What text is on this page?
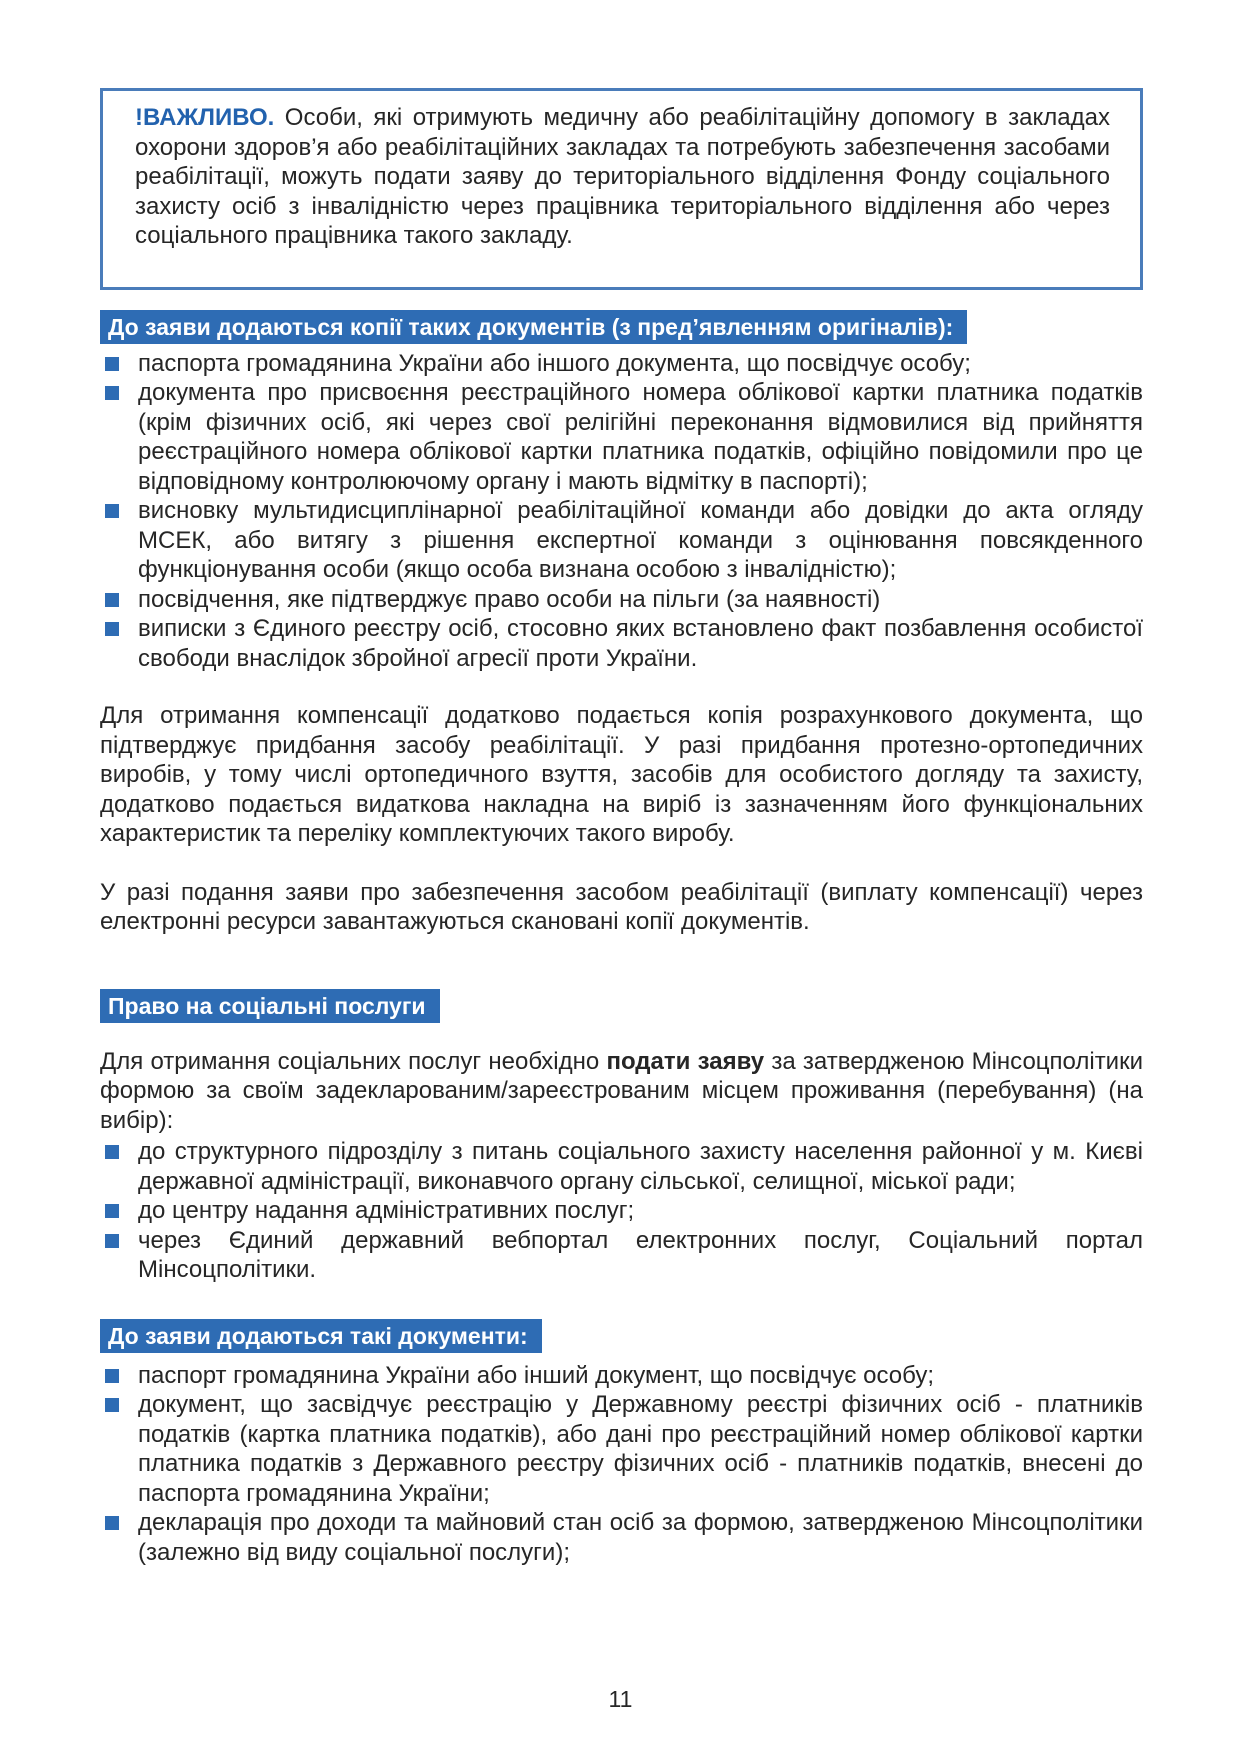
!ВАЖЛИВО. Особи, які отримують медичну або реабілітаційну допомогу в закладах охорони здоров’я або реабілітаційних закладах та потребують забезпечення засобами реабілітації, можуть подати заяву до територіального відділення Фонду соціального захисту осіб з інвалідністю через працівника територіального відділення або через соціального працівника такого закладу.

До заяви додаються копії таких документів (з пред’явленням оригіналів):
паспорта громадянина України або іншого документа, що посвідчує особу;
документа про присвоєння реєстраційного номера облікової картки платника податків (крім фізичних осіб, які через свої релігійні переконання відмовилися від прийняття реєстраційного номера облікової картки платника податків, офіційно повідомили про це відповідному контролюючому органу і мають відмітку в паспорті);
висновку мультидисциплінарної реабілітаційної команди або довідки до акта огляду МСЕК, або витягу з рішення експертної команди з оцінювання повсякденного функціонування особи (якщо особа визнана особою з інвалідністю);
посвідчення, яке підтверджує право особи на пільги (за наявності)
виписки з Єдиного реєстру осіб, стосовно яких встановлено факт позбавлення особистої свободи внаслідок збройної агресії проти України.

Для отримання компенсації додатково подається копія розрахункового документа, що підтверджує придбання засобу реабілітації. У разі придбання протезно-ортопедичних виробів, у тому числі ортопедичного взуття, засобів для особистого догляду та захисту, додатково подається видаткова накладна на виріб із зазначенням його функціональних характеристик та переліку комплектуючих такого виробу.

У разі подання заяви про забезпечення засобом реабілітації (виплату компенсації) через електронні ресурси завантажуються скановані копії документів.

Право на соціальні послуги

Для отримання соціальних послуг необхідно подати заяву за затвердженою Мінсоцполітики формою за своїм задекларованим/зареєстрованим місцем проживання (перебування) (на вибір):

до структурного підрозділу з питань соціального захисту населення районної у м. Києві державної адміністрації, виконавчого органу сільської, селищної, міської ради;
до центру надання адміністративних послуг;
через Єдиний державний вебпортал електронних послуг, Соціальний портал Мінсоцполітики.
До заяви додаються такі документи:
паспорт громадянина України або інший документ, що посвідчує особу;
документ, що засвідчує реєстрацію у Державному реєстрі фізичних осіб - платників податків (картка платника податків), або дані про реєстраційний номер облікової картки платника податків з Державного реєстру фізичних осіб - платників податків, внесені до паспорта громадянина України;
декларація про доходи та майновий стан осіб за формою, затвердженою Мінсоцполітики (залежно від виду соціальної послуги);
11
